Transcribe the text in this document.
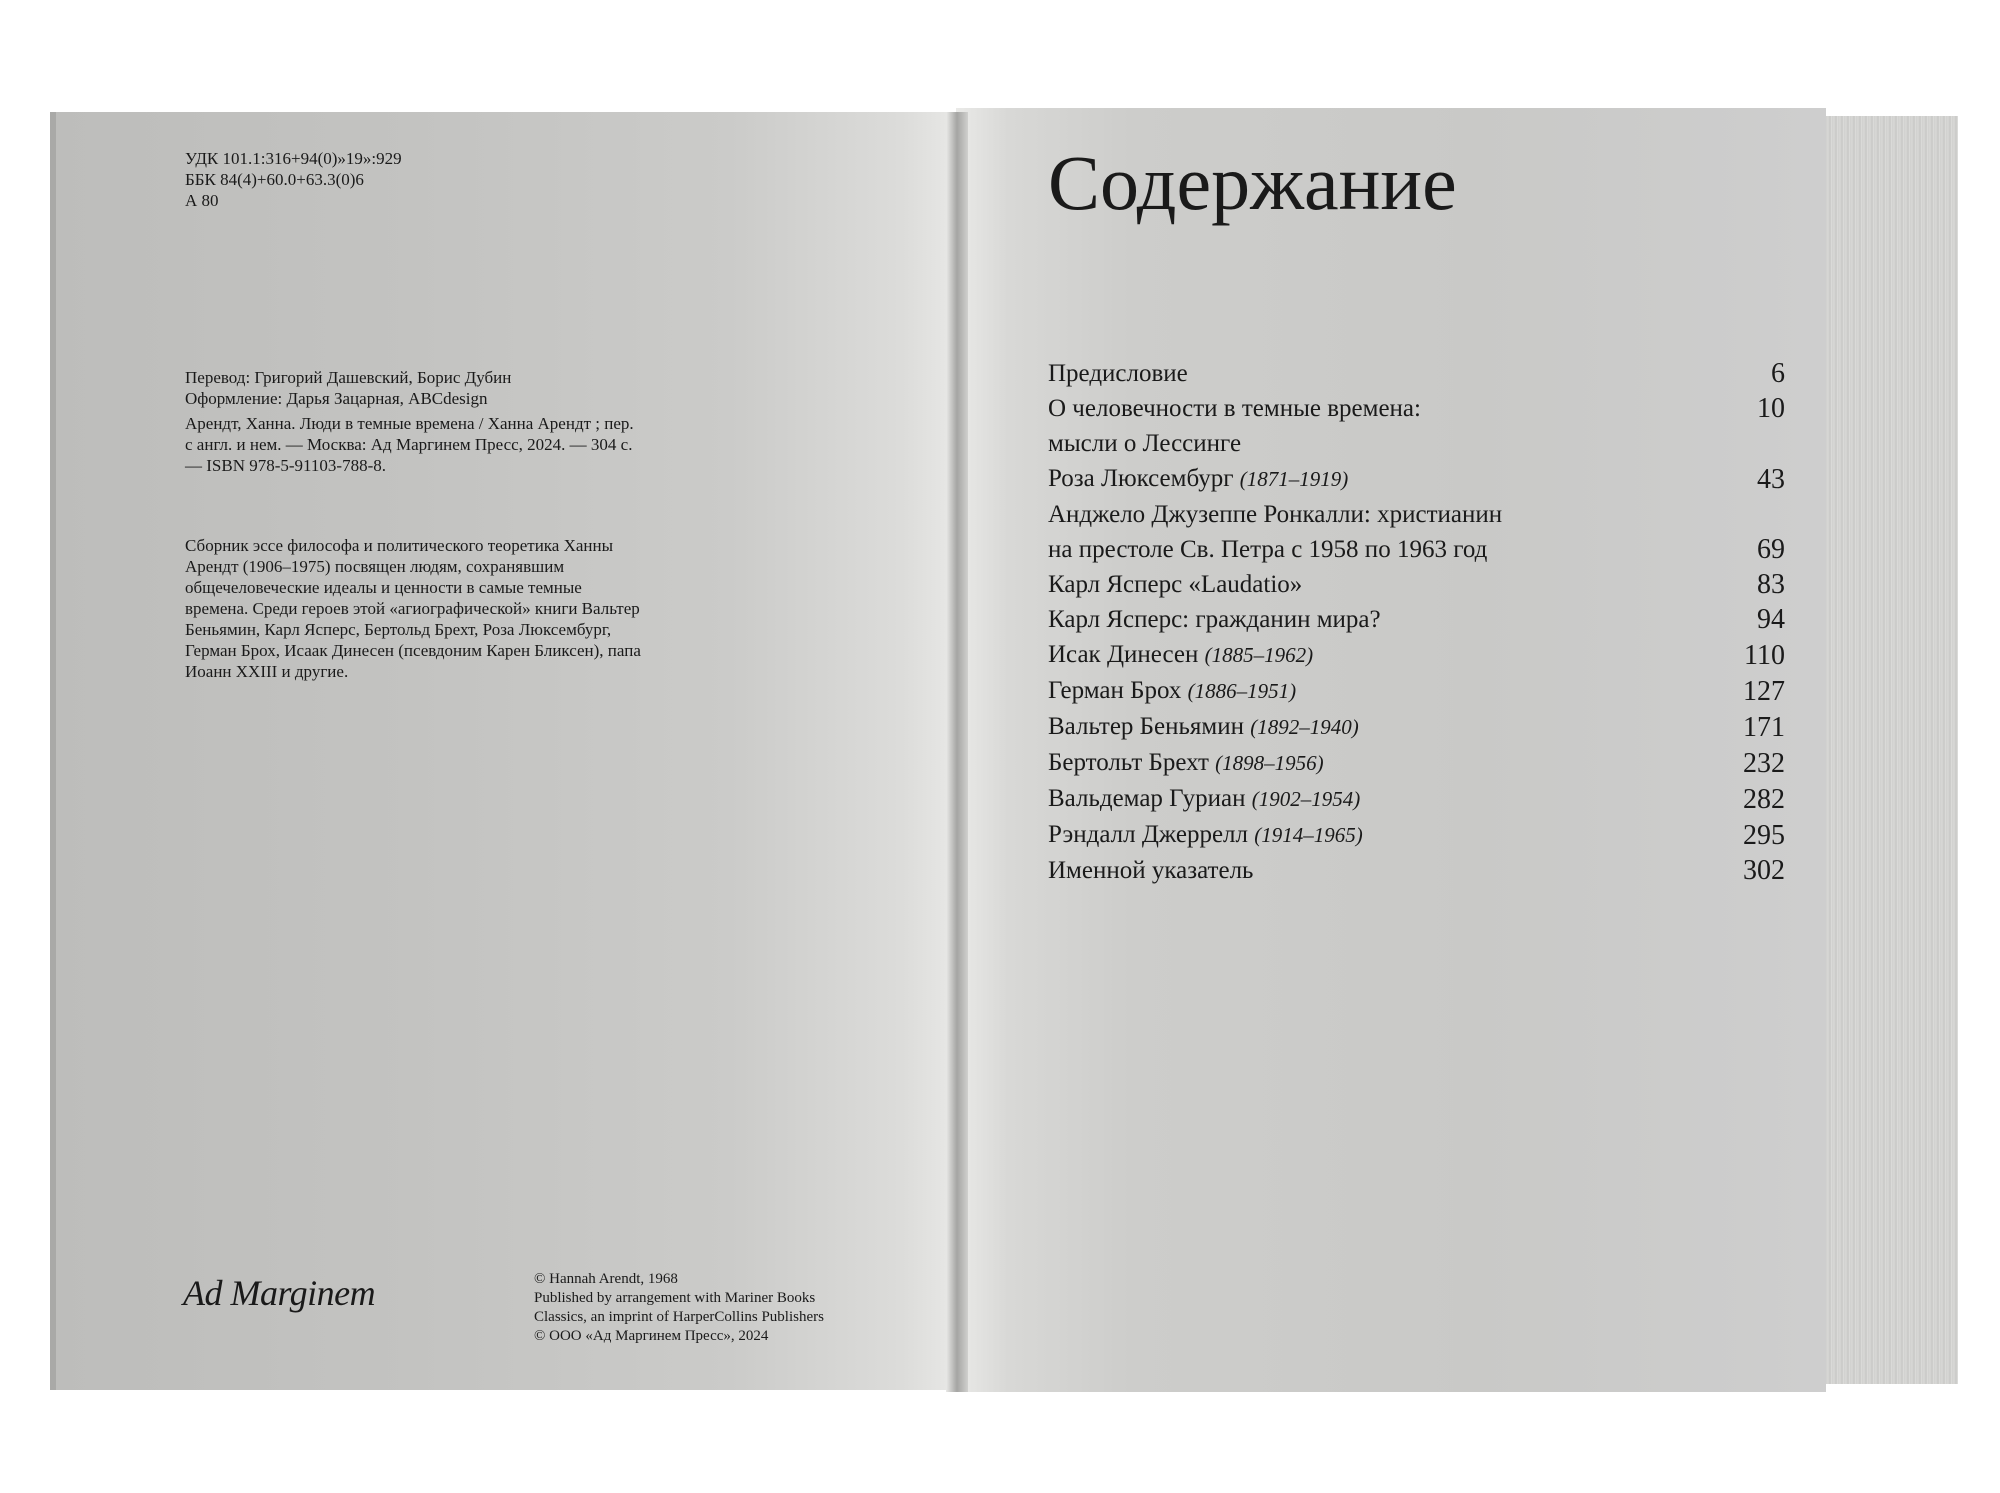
УДК 101.1:316+94(0)»19»:929

ББК 84(4)+60.0+63.3(0)6

А 80

Перевод: Григорий Дашевский, Борис Дубин

Оформление: Дарья Зацарная, ABCdesign

Арендт, Ханна. Люди в темные времена / Ханна Арендт ; пер. с англ. и нем. — Москва: Ад Маргинем Пресс, 2024. — 304 с. — ISBN 978-5-91103-788-8.

Сборник эссе философа и политического теоретика Ханны Арендт (1906–1975) посвящен людям, сохранявшим общечеловеческие идеалы и ценности в самые темные времена. Среди героев этой «агиографической» книги Вальтер Беньямин, Карл Ясперс, Бертольд Брехт, Роза Люксембург, Герман Брох, Исаак Динесен (псевдоним Карен Бликсен), папа Иоанн XXIII и другие.

Ad Marginem	© Hannah Arendt, 1968

Published by arrangement with Mariner Books Classics, an imprint of HarperCollins Publishers

© ООО «Ад Маргинем Пресс», 2024

Содержание
Предисловие	6
О человечности в темные времена:	10
мысли о Лессинге
Роза Люксембург (1871–1919)	43
Анджело Джузеппе Ронкалли: христианин
на престоле Св. Петра с 1958 по 1963 год	69
Карл Ясперс «Laudatio»	83
Карл Ясперс: гражданин мира?	94
Исак Динесен (1885–1962)	110
Герман Брох (1886–1951)	127
Вальтер Беньямин (1892–1940)	171
Бертольт Брехт (1898–1956)	232
Вальдемар Гуриан (1902–1954)	282
Рэндалл Джеррелл (1914–1965)	295
Именной указатель	302
